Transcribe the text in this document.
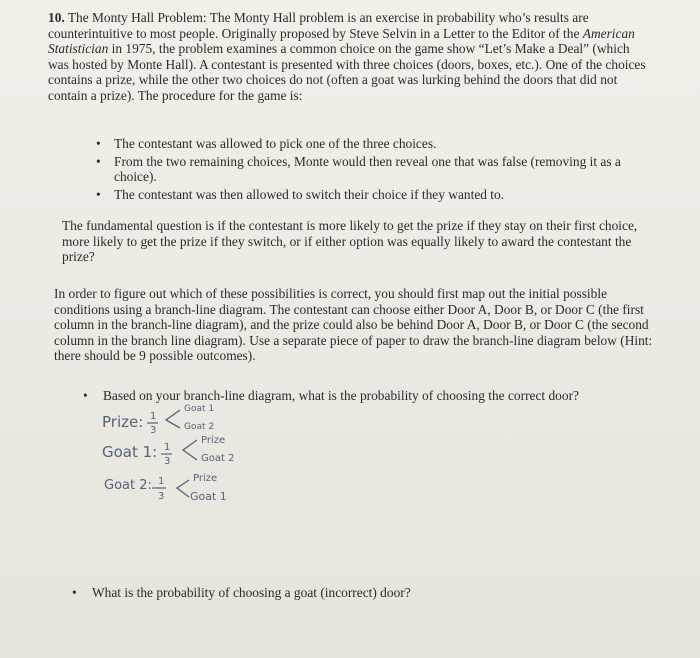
10. The Monty Hall Problem: The Monty Hall problem is an exercise in probability who’s results are counterintuitive to most people. Originally proposed by Steve Selvin in a Letter to the Editor of the American Statistician in 1975, the problem examines a common choice on the game show “Let’s Make a Deal” (which was hosted by Monte Hall). A contestant is presented with three choices (doors, boxes, etc.). One of the choices contains a prize, while the other two choices do not (often a goat was lurking behind the doors that did not contain a prize). The procedure for the game is:
• The contestant was allowed to pick one of the three choices.
• From the two remaining choices, Monte would then reveal one that was false (removing it as a choice).
• The contestant was then allowed to switch their choice if they wanted to.
The fundamental question is if the contestant is more likely to get the prize if they stay on their first choice, more likely to get the prize if they switch, or if either option was equally likely to award the contestant the prize?
In order to figure out which of these possibilities is correct, you should first map out the initial possible conditions using a branch-line diagram. The contestant can choose either Door A, Door B, or Door C (the first column in the branch-line diagram), and the prize could also be behind Door A, Door B, or Door C (the second column in the branch line diagram). Use a separate piece of paper to draw the branch-line diagram below (Hint: there should be 9 possible outcomes).
• Based on your branch-line diagram, what is the probability of choosing the correct door?
Prize: 1
3
Goat 1
Goat 2
Goat 1: 1
3
Prize
Goat 2
Goat 2: 1
3
Prize
Goat 1
• What is the probability of choosing a goat (incorrect) door?
